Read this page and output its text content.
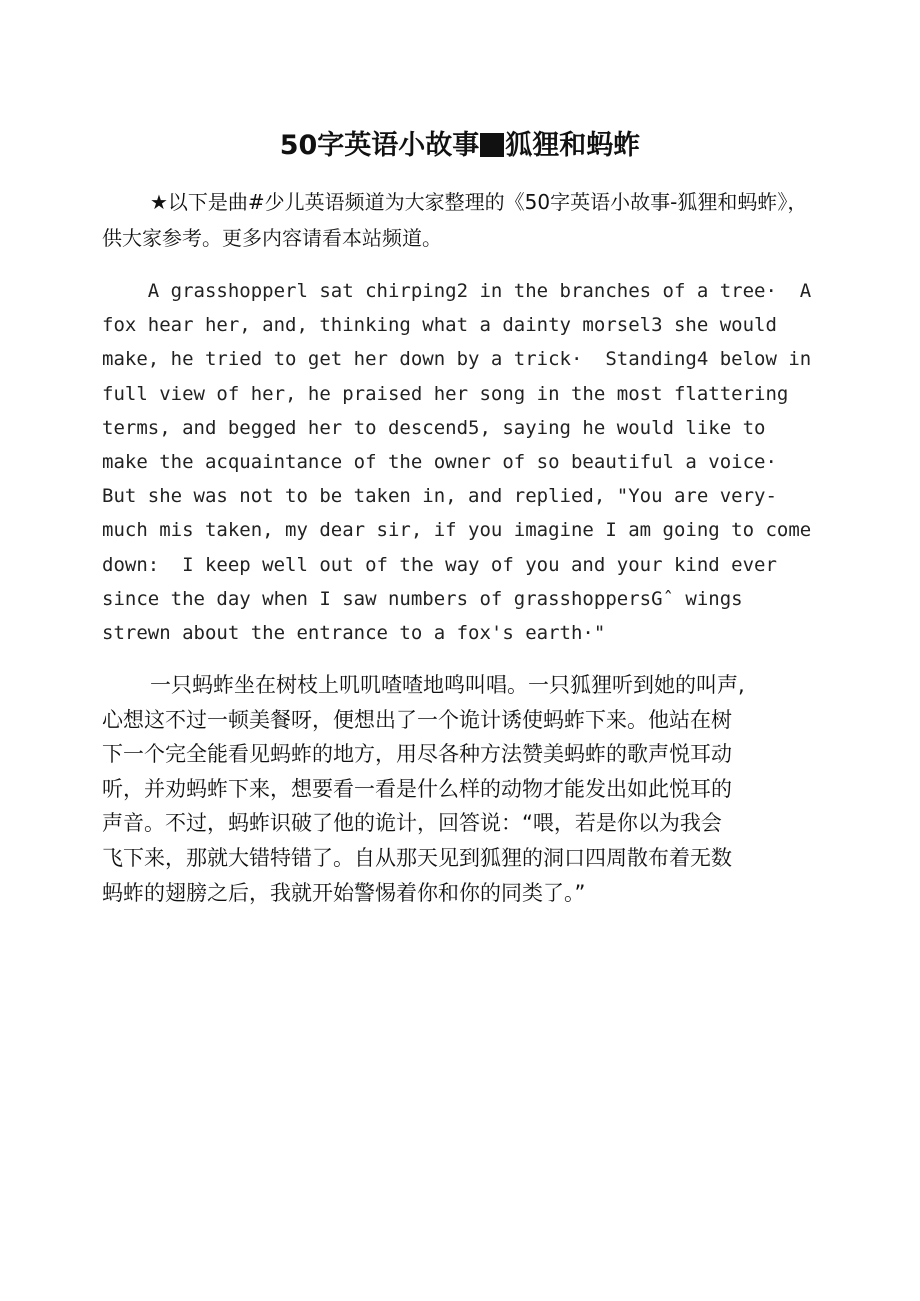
50字英语小故事 狐狸和蚂蚱

★以下是曲#少儿英语频道为大家整理的《50字英语小故事-狐狸和蚂蚱》，供大家参考。更多内容请看本站频道。

A grasshopperl sat chirping2 in the branches of a tree·  A
fox hear her, and, thinking what a dainty morsel3 she would
make, he tried to get her down by a trick·  Standing4 below in
full view of her, he praised her song in the most flattering
terms, and begged her to descend5, saying he would like to
make the acquaintance of the owner of so beautiful a voice·
But she was not to be taken in, and replied, "You are very-
much mis taken, my dear sir, if you imagine I am going to come
down:  I keep well out of the way of you and your kind ever
since the day when I saw numbers of grasshoppersGˆ wings
strewn about the entrance to a fox's earth·"
一只蚂蚱坐在树枝上叽叽喳喳地鸣叫唱。一只狐狸听到她的叫声,
心想这不过一顿美餐呀，便想出了一个诡计诱使蚂蚱下来。他站在树
下一个完全能看见蚂蚱的地方，用尽各种方法赞美蚂蚱的歌声悦耳动
听，并劝蚂蚱下来，想要看一看是什么样的动物才能发出如此悦耳的
声音。不过，蚂蚱识破了他的诡计，回答说：“喂，若是你以为我会
飞下来，那就大错特错了。自从那天见到狐狸的洞口四周散布着无数
蚂蚱的翅膀之后，我就开始警惕着你和你的同类了。”
